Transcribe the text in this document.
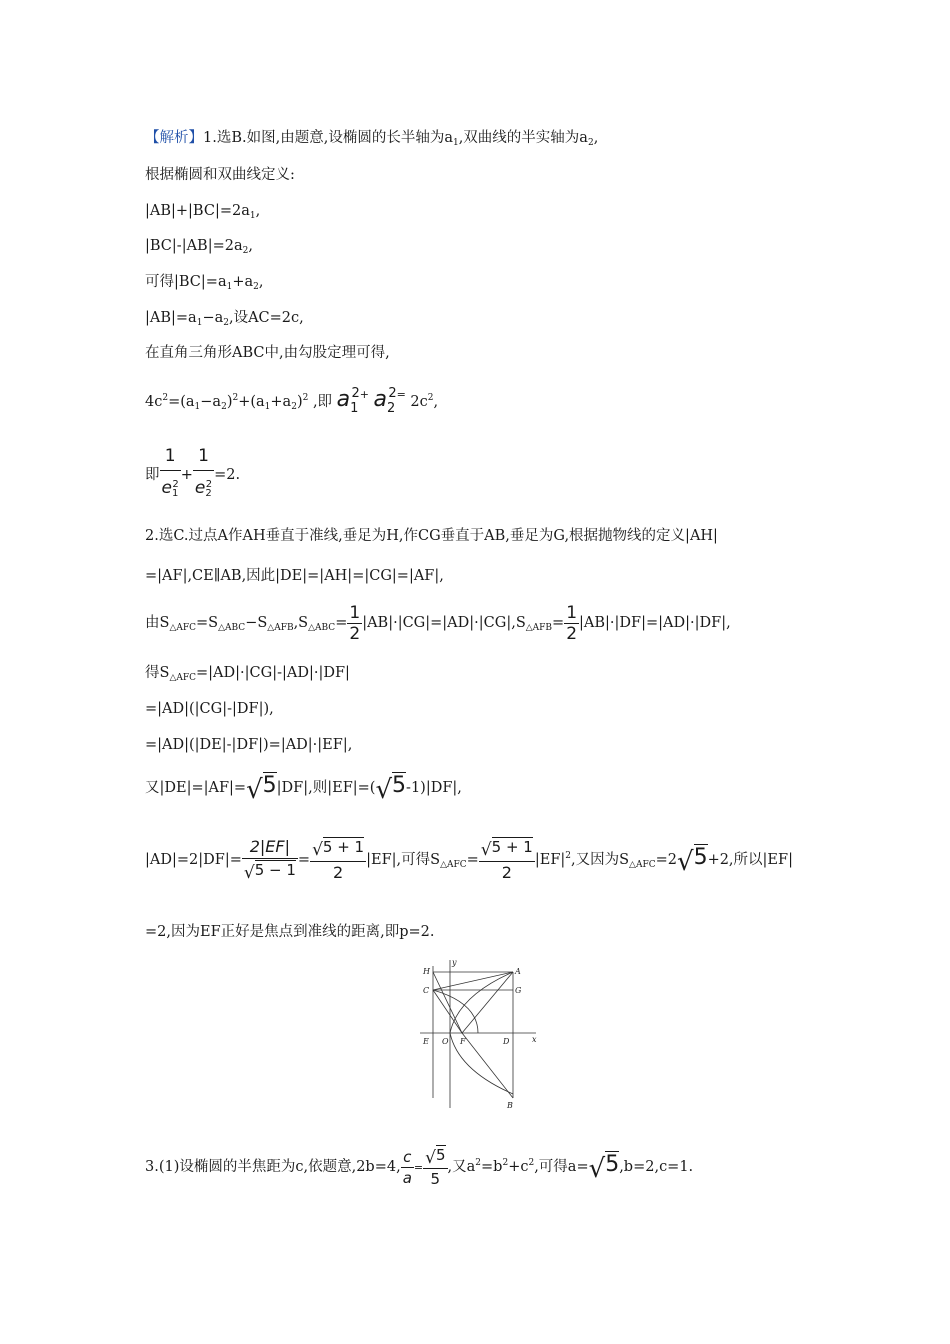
【解析】1.选B.如图,由题意,设椭圆的长半轴为$a_1$,双曲线的半实轴为$a_2$,
根据椭圆和双曲线定义:
$|AB|+|BC|=2a_1$,
$|BC|-|AB|=2a_2$,
可得$|BC|=a_1+a_2$,
$|AB|=a_1-a_2$,设AC=2c,
在直角三角形ABC中,由勾股定理可得,
$4c^2=(a_1-a_2)^2+(a_1+a_2)^2$ ,即 $a_1^{2+}$ $a_2^{2=}$ $2c^2$,
即 $\frac{1}{e_1^2} + \frac{1}{e_2^2} =2$.
2.选C.过点A作AH垂直于准线,垂足为H,作CG垂直于AB,垂足为G,根据抛物线的定义|AH|
=|AF|,CE∥AB,因此|DE|=|AH|=|CG|=|AF|,
由$S_{\triangle AFC}=S_{\triangle ABC}-S_{\triangle AFB},S_{\triangle ABC}= \frac{1}{2} |AB|\cdot|CG|=|AD|\cdot|CG|,S_{\triangle AFB}= \frac{1}{2} |AB|\cdot|DF|=|AD|\cdot|DF|$,
得$S_{\triangle AFC}=|AD|\cdot|CG|-|AD|\cdot|DF|$
=|AD|(|CG|-|DF|),
=|AD|(|DE|-|DF|)=|AD|·|EF|,
又|DE|=|AF|=√5|DF|,则|EF|=(√5-1)|DF|,
$|AD|=2|DF|= \frac{2|EF|}{√5 - 1} = \frac{√5 + 1}{2} |EF|$,可得$S_{\triangle AFC}= \frac{√5 + 1}{2} |EF|^2$,又因为$S_{\triangle AFC}=2√5+2$,所以|EF|
=2,因为EF正好是焦点到准线的距离,即p=2.
H
y
A
C	G
E O F	D	x
B
3.(1)设椭圆的半焦距为c,依题意,2b=4, $\frac{c}{a} = \frac{√5}{5}$ ,又$a^2=b^2+c^2$,可得a=√5,b=2,c=1.
